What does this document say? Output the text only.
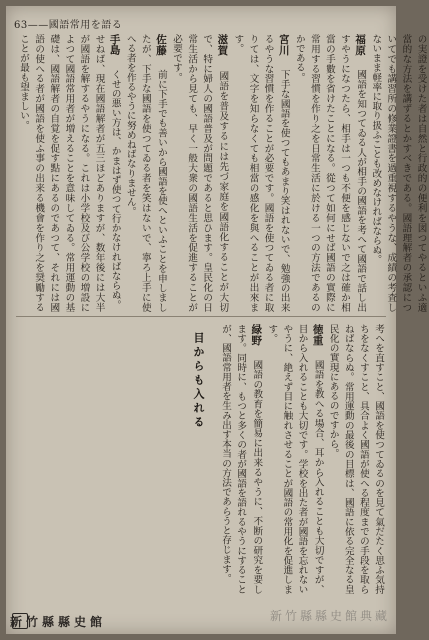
63——國語常用を語る

の実證を受けた者は自然と行政的の便利を図つてやるといふ適當的な方法を講ずるとかすべきである。國語理解者の承認についてでも講習所の修業證書を過重視するやうな、成績の考査しないまま軽率に取り扱ふことも改めなければならぬ。

福原　國語を知つてゐる人が相手の國語を考へて國語で話し出すやうになつたら、相手は一つも不便を感じないで之は確か相當の手數を省けたことになる。從つて如何にせば國語の實際に常用する習慣を作り之を日常生活に於ける一つの方法であるのかである。

宮川　下手な國語を使つてもあまり笑はれないで、勉強の出来るやうな習慣を作ることが必要です。國語を使つてゐる者に取りては、文字を知らなくても相當の感化を與へることが出來ます。

滋賀　國語を普及するには先づ家庭を國語化することが大切で、特に婦人の國語普及が問題であると思ひます。皇民化の日常生活から見ても、早く一般大衆の國語生活を促進することが必要です。

佐藤　前に下手でも善いから國語を使へといふことを申しましたが、下手な國語を使つてゐる者を笑はないで、寧ろ上手に使へる者を作るやうに努めねばなりません。

手島　くせの悪い方は、かまはず使つて行かなければならぬ。

せねば、現在國語解者が五三ほどありますが、数年後には大半が國語を解するやうになる。これは小学校及び公学校の増設によつて國語常用者が増えることを意味してゐる。常用運動の基礎は、國語解者の自覚を促す點にあるのであつて、それには國語の使へる者が國語を使ふ事の出来る機會を作り之を奨勵することが最も望ましい。

目からも入れる	考へを直すこと、國語を使つてゐるのを見て氣だたく思ふ気持ちをなくすこと、具合よく國語が使へる程度までの手段を取らねばならぬ。常用運動の最後の目標は、國語に依る完全なる皇民化の實現にあるのですから。

徳重　國語を教へる場合、耳から入れることも大切ですが、目から入れることも大切です。学校を出た者が國語を忘れないやうに、絶えず目に触れさせることが國語の常用化を促進します。

緑野　國語の教育を簡易に出来るやうに、不断の研究を要します。同時に、もつと多くの者が國語を語れるやうにすることが、國語常用者を生み出す本当の方法であらうと存じます。

新竹縣縣史館	新竹縣縣史館典藏
